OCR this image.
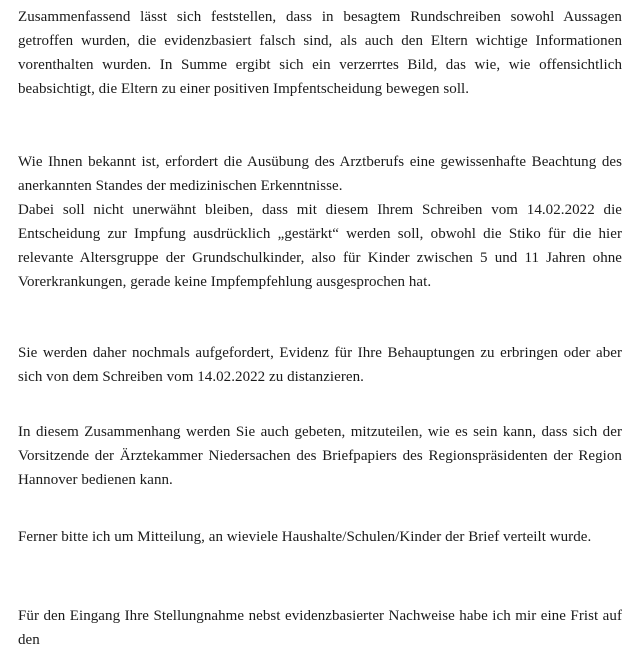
Zusammenfassend lässt sich feststellen, dass in besagtem Rundschreiben sowohl Aussagen getroffen wurden, die evidenzbasiert falsch sind, als auch den Eltern wichtige Informationen vorenthalten wurden. In Summe ergibt sich ein verzerrtes Bild, das wie, wie offensichtlich beabsichtigt, die Eltern zu einer positiven Impfentscheidung bewegen soll.

Wie Ihnen bekannt ist, erfordert die Ausübung des Arztberufs eine gewissenhafte Beachtung des anerkannten Standes der medizinischen Erkenntnisse.
Dabei soll nicht unerwähnt bleiben, dass mit diesem Ihrem Schreiben vom 14.02.2022 die Entscheidung zur Impfung ausdrücklich „gestärkt“ werden soll, obwohl die Stiko für die hier relevante Altersgruppe der Grundschulkinder, also für Kinder zwischen 5 und 11 Jahren ohne Vorerkrankungen, gerade keine Impfempfehlung ausgesprochen hat.

Sie werden daher nochmals aufgefordert, Evidenz für Ihre Behauptungen zu erbringen oder aber sich von dem Schreiben vom 14.02.2022 zu distanzieren.

In diesem Zusammenhang werden Sie auch gebeten, mitzuteilen, wie es sein kann, dass sich der Vorsitzende der Ärztekammer Niedersachen des Briefpapiers des Regionspräsidenten der Region Hannover bedienen kann.

Ferner bitte ich um Mitteilung, an wieviele Haushalte/Schulen/Kinder der Brief verteilt wurde.

Für den Eingang Ihre Stellungnahme nebst evidenzbasierter Nachweise habe ich mir eine Frist auf den
